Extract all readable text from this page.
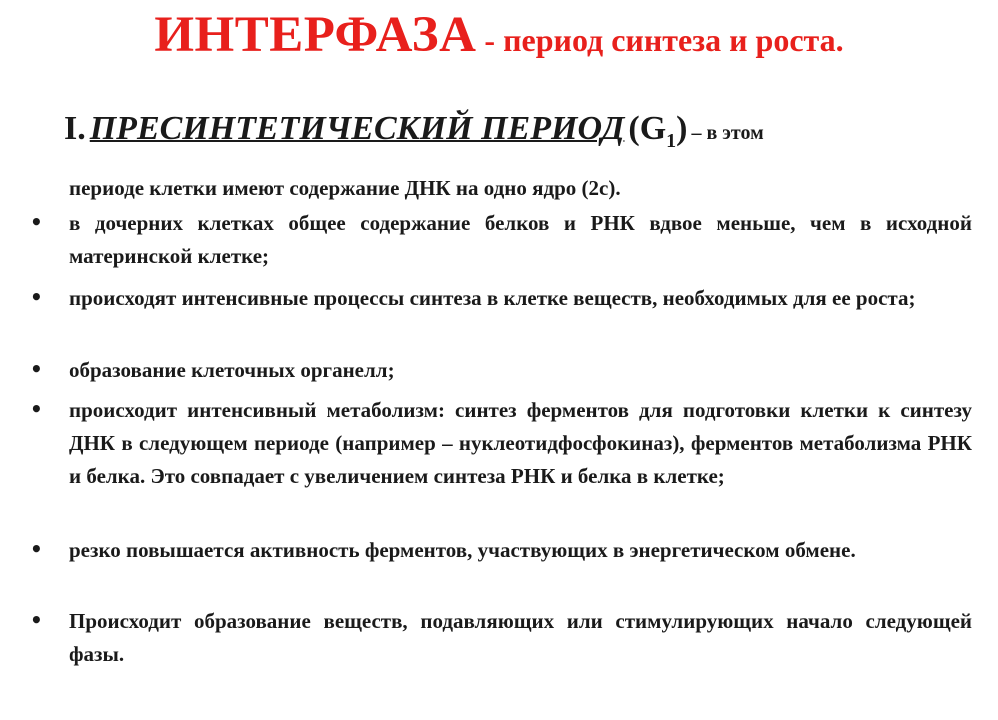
ИНТЕРФАЗА - период синтеза и роста.
I. ПРЕСИНТЕТИЧЕСКИЙ ПЕРИОД $(G_1)$ – в этом
периоде клетки имеют содержание ДНК на одно ядро (2с).
• в дочерних клетках общее содержание белков и РНК вдвое меньше, чем в исходной материнской клетке;
• происходят интенсивные процессы синтеза в клетке веществ, необходимых для ее роста;
• образование клеточных органелл;
• происходит интенсивный метаболизм: синтез ферментов для подготовки клетки к синтезу ДНК в следующем периоде (например – нуклеотидфосфокиназ), ферментов метаболизма РНК и белка. Это совпадает с увеличением синтеза РНК и белка в клетке;
• резко повышается активность ферментов, участвующих в энергетическом обмене.
• Происходит образование веществ, подавляющих или стимулирующих начало следующей фазы.
